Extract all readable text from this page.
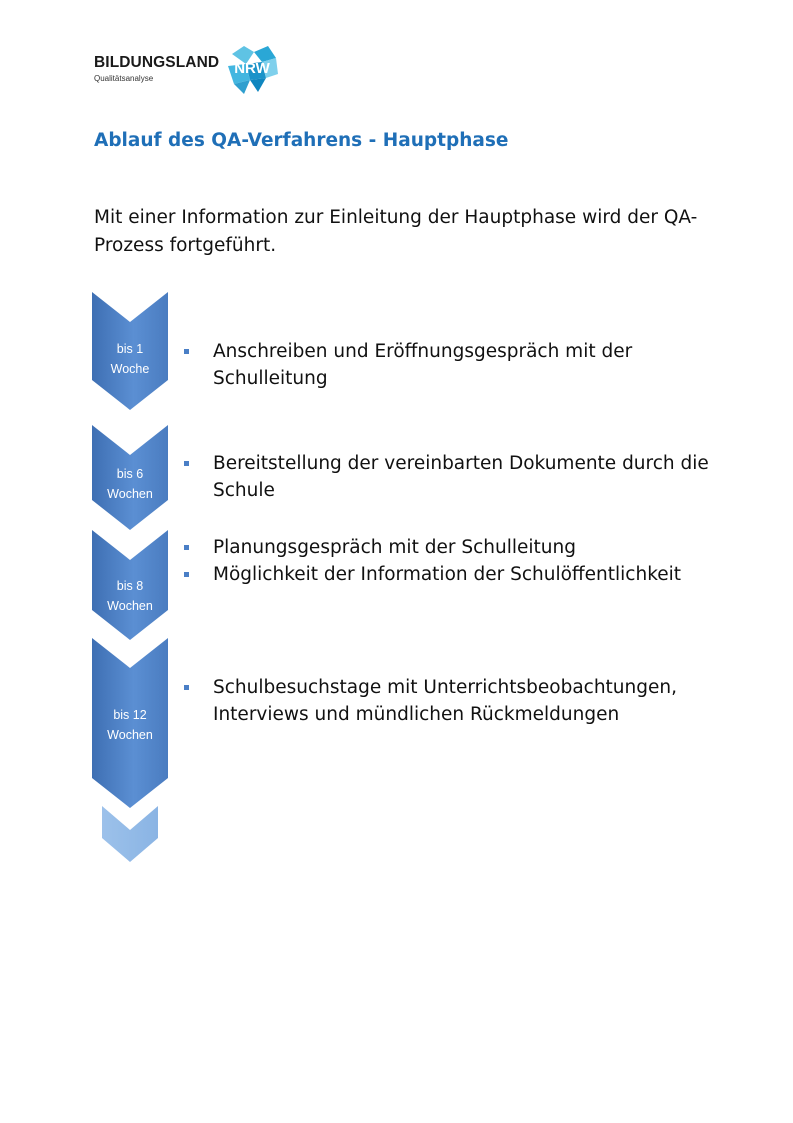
BILDUNGSLAND
Qualitätsanalyse
NRW
Ablauf des QA-Verfahrens - Hauptphase

Mit einer Information zur Einleitung der Hauptphase wird der QA-Prozess fortgeführt.

bis 1
Woche
bis 6
Wochen
bis 8
Wochen
bis 12
Wochen
Anschreiben und Eröffnungsgespräch mit der Schulleitung
Bereitstellung der vereinbarten Dokumente durch die Schule
Planungsgespräch mit der Schulleitung
Möglichkeit der Information der Schulöffentlichkeit
Schulbesuchstage mit Unterrichtsbeobachtungen, Interviews und mündlichen Rückmeldungen
